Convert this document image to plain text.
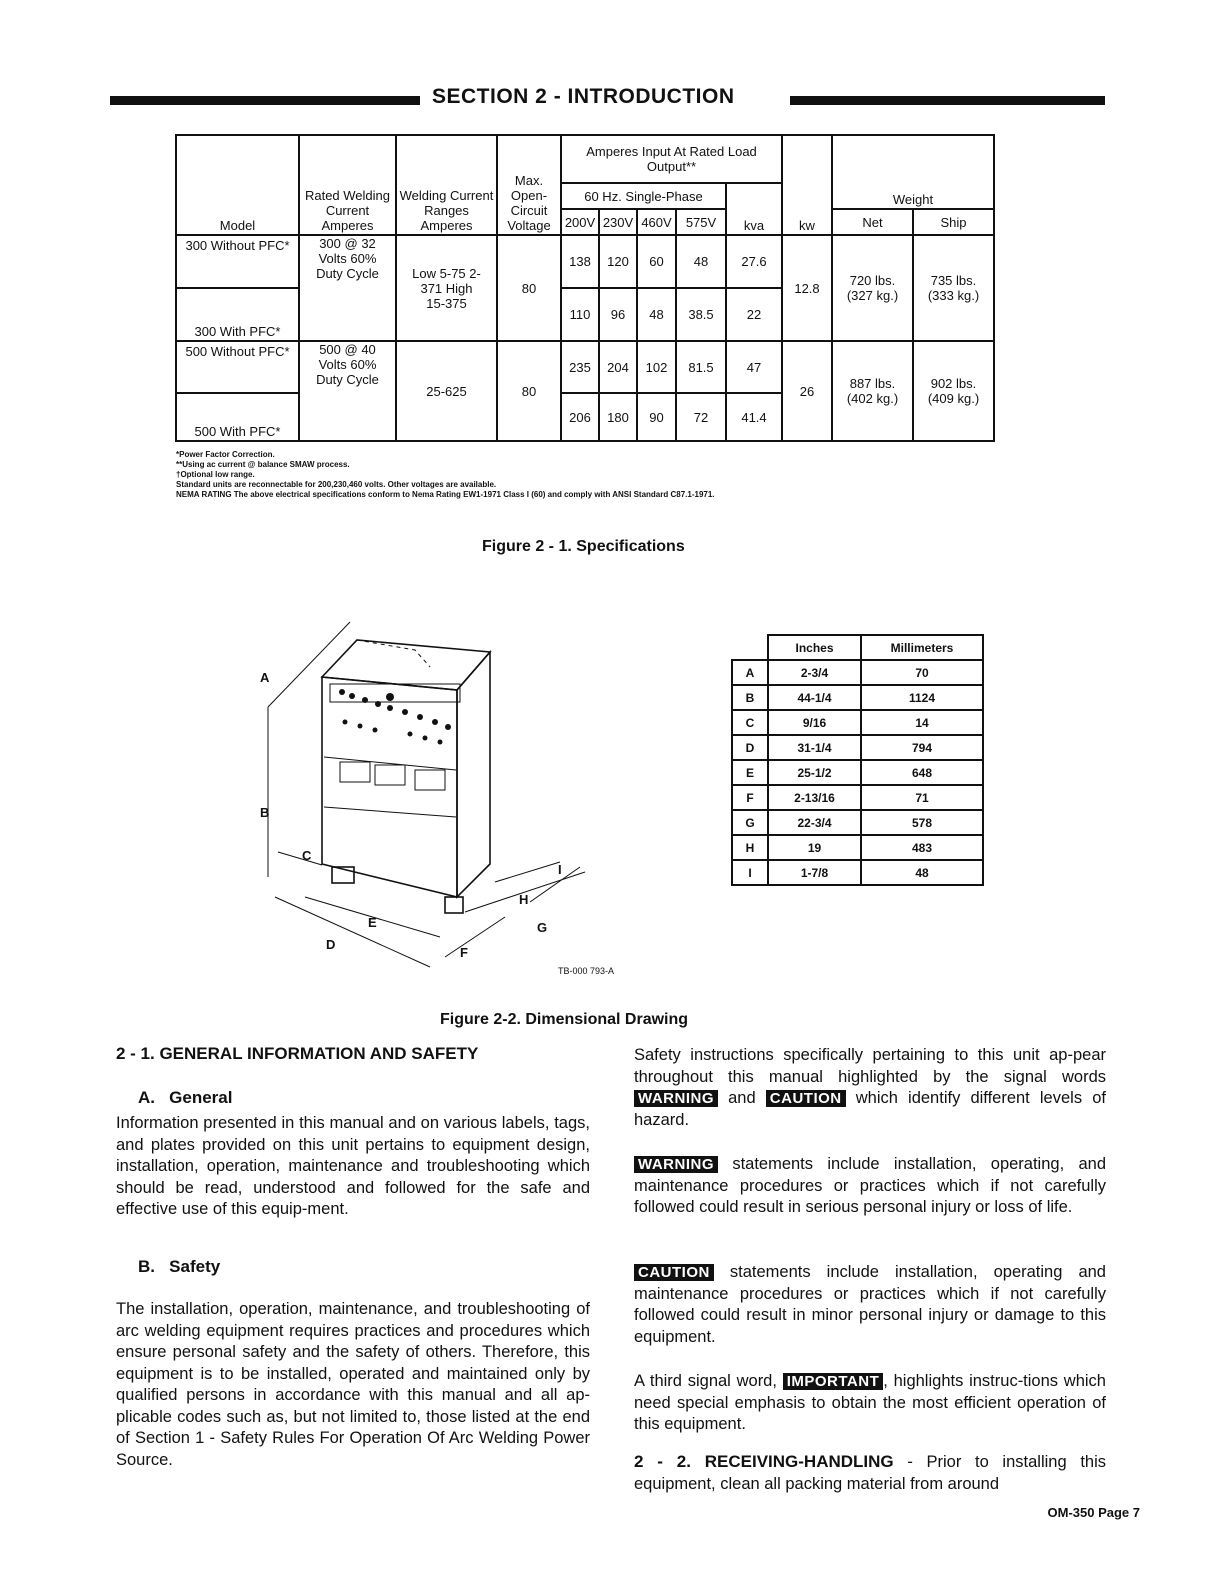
SECTION 2 - INTRODUCTION
Model	Rated Welding Current Amperes	Welding Current Ranges Amperes	Max. Open-Circuit Voltage	Amperes Input At Rated Load Output**					kw	Weight	
				60 Hz. Single-Phase				kva			
				200V	230V	460V	575V			Net	Ship
300 Without PFC*	300 @ 32 Volts 60% Duty Cycle	Low 5-75 2-371 High 15-375	80	138	120	60	48	27.6	12.8	720 lbs. (327 kg.)	735 lbs. (333 kg.)
300 With PFC*				110	96	48	38.5	22			
500 Without PFC*	500 @ 40 Volts 60% Duty Cycle	25-625	80	235	204	102	81.5	47	26	887 lbs. (402 kg.)	902 lbs. (409 kg.)
500 With PFC*				206	180	90	72	41.4			
*Power Factor Correction.
**Using ac current @ balance SMAW process.
†Optional low range.
Standard units are reconnectable for 200,230,460 volts. Other voltages are available.
NEMA RATING The above electrical specifications conform to Nema Rating EW1-1971 Class I (60) and comply with ANSI Standard C87.1-1971.
Figure 2 - 1. Specifications
A
B
C
D
E
F
G
H
I
TB-000 793-A
	Inches	Millimeters
A	2-3/4	70
B	44-1/4	1124
C	9/16	14
D	31-1/4	794
E	25-1/2	648
F	2-13/16	71
G	22-3/4	578
H	19	483
I	1-7/8	48
Figure 2-2. Dimensional Drawing
2 - 1. GENERAL INFORMATION AND SAFETY
A.   General
Information presented in this manual and on various labels, tags, and plates provided on this unit pertains to equipment design, installation, operation, maintenance and troubleshooting which should be read, understood and followed for the safe and effective use of this equip-ment.
B.   Safety
The installation, operation, maintenance, and troubleshooting of arc welding equipment requires practices and procedures which ensure personal safety and the safety of others. Therefore, this equipment is to be installed, operated and maintained only by qualified persons in accordance with this manual and all ap-plicable codes such as, but not limited to, those listed at the end of Section 1 - Safety Rules For Operation Of Arc Welding Power Source.
Safety instructions specifically pertaining to this unit ap-pear throughout this manual highlighted by the signal words WARNING and CAUTION which identify different levels of hazard.
WARNING statements include installation, operating, and maintenance procedures or practices which if not carefully followed could result in serious personal injury or loss of life.
CAUTION statements include installation, operating and maintenance procedures or practices which if not carefully followed could result in minor personal injury or damage to this equipment.
A third signal word, IMPORTANT , highlights instruc-tions which need special emphasis to obtain the most efficient operation of this equipment.
2 - 2. RECEIVING-HANDLING - Prior to installing this equipment, clean all packing material from around
OM-350 Page 7
